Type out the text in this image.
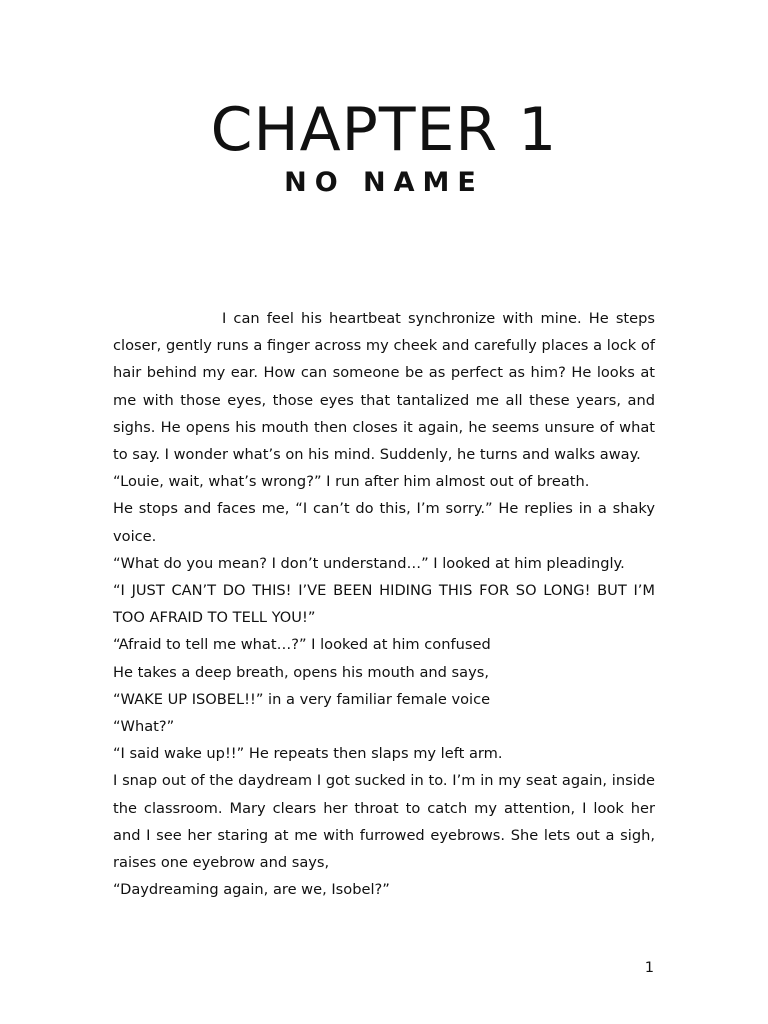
CHAPTER 1
NO NAME

I can feel his heartbeat synchronize with mine. He steps closer, gently runs a finger across my cheek and carefully places a lock of hair behind my ear. How can someone be as perfect as him? He looks at me with those eyes, those eyes that tantalized me all these years, and sighs. He opens his mouth then closes it again, he seems unsure of what to say. I wonder what’s on his mind. Suddenly, he turns and walks away.

“Louie, wait, what’s wrong?” I run after him almost out of breath.

He stops and faces me, “I can’t do this, I’m sorry.” He replies in a shaky voice.

“What do you mean? I don’t understand…” I looked at him pleadingly.

“I JUST CAN’T DO THIS! I’VE BEEN HIDING THIS FOR SO LONG! BUT I’M TOO AFRAID TO TELL YOU!”

“Afraid to tell me what…?” I looked at him confused

He takes a deep breath, opens his mouth and says,

“WAKE UP ISOBEL!!” in a very familiar female voice

“What?”

“I said wake up!!” He repeats then slaps my left arm.

I snap out of the daydream I got sucked in to. I’m in my seat again, inside the classroom. Mary clears her throat to catch my attention, I look her and I see her staring at me with furrowed eyebrows. She lets out a sigh, raises one eyebrow and says,

“Daydreaming again, are we, Isobel?”

1
